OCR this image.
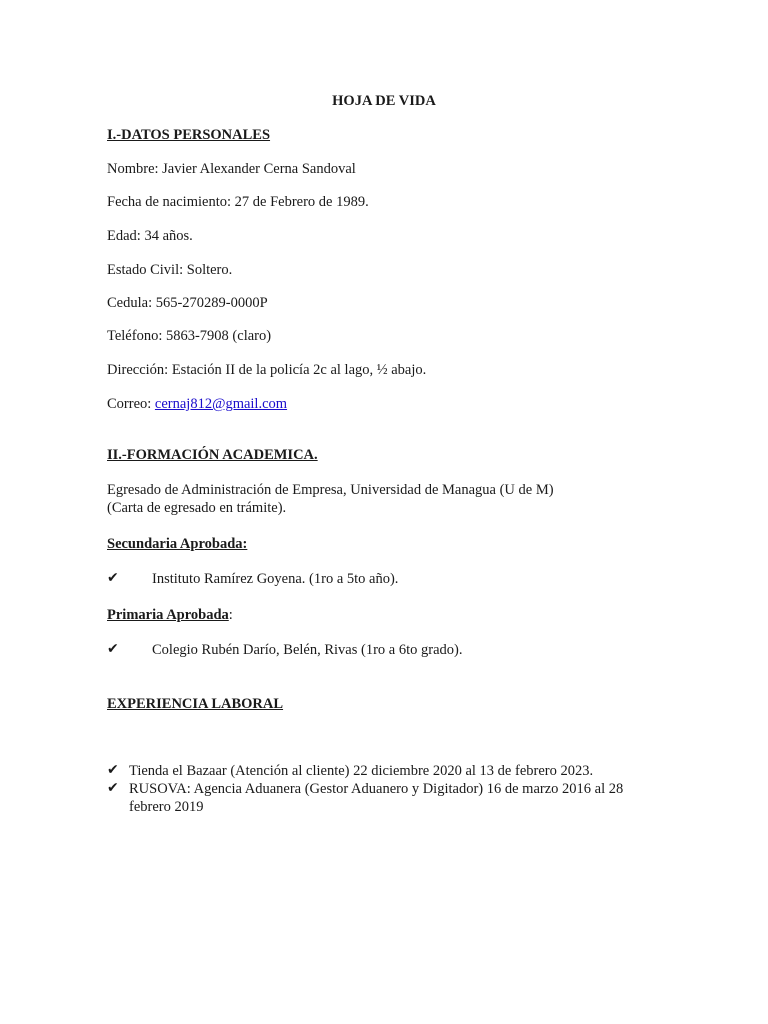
HOJA DE VIDA
I.-DATOS PERSONALES
Nombre: Javier Alexander Cerna Sandoval
Fecha de nacimiento: 27 de Febrero de 1989.
Edad: 34 años.
Estado Civil: Soltero.
Cedula: 565-270289-0000P
Teléfono: 5863-7908 (claro)
Dirección: Estación II de la policía 2c al lago, ½ abajo.
Correo: cernaj812@gmail.com
II.-FORMACIÓN ACADEMICA.
Egresado de Administración de Empresa, Universidad de Managua (U de M)
(Carta de egresado en trámite).
Secundaria Aprobada:
✔ Instituto Ramírez Goyena. (1ro a 5to año).
Primaria Aprobada:
✔ Colegio Rubén Darío, Belén, Rivas (1ro a 6to grado).
EXPERIENCIA LABORAL
✔ Tienda el Bazaar (Atención al cliente) 22 diciembre 2020 al 13 de febrero 2023.
✔ RUSOVA: Agencia Aduanera (Gestor Aduanero y Digitador) 16 de marzo 2016 al 28
febrero 2019
